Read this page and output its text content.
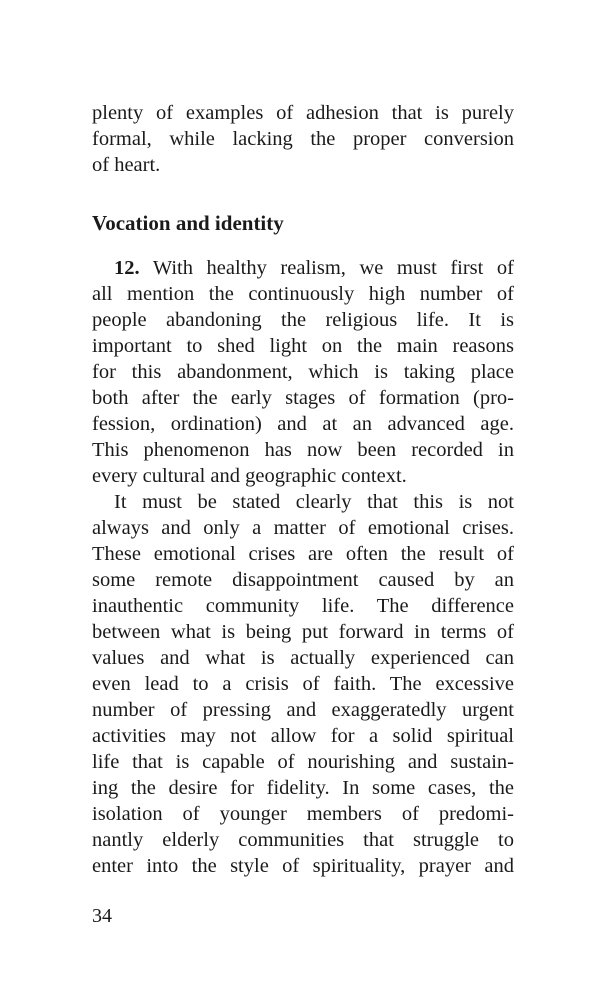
plenty of examples of adhesion that is purely
formal, while lacking the proper conversion
of heart.
Vocation and identity
12. With healthy realism, we must first of
all mention the continuously high number of
people abandoning the religious life. It is
important to shed light on the main reasons
for this abandonment, which is taking place
both after the early stages of formation (pro-
fession, ordination) and at an advanced age.
This phenomenon has now been recorded in
every cultural and geographic context.
It must be stated clearly that this is not
always and only a matter of emotional crises.
These emotional crises are often the result of
some remote disappointment caused by an
inauthentic community life. The difference
between what is being put forward in terms of
values and what is actually experienced can
even lead to a crisis of faith. The excessive
number of pressing and exaggeratedly urgent
activities may not allow for a solid spiritual
life that is capable of nourishing and sustain-
ing the desire for fidelity. In some cases, the
isolation of younger members of predomi-
nantly elderly communities that struggle to
enter into the style of spirituality, prayer and
34
